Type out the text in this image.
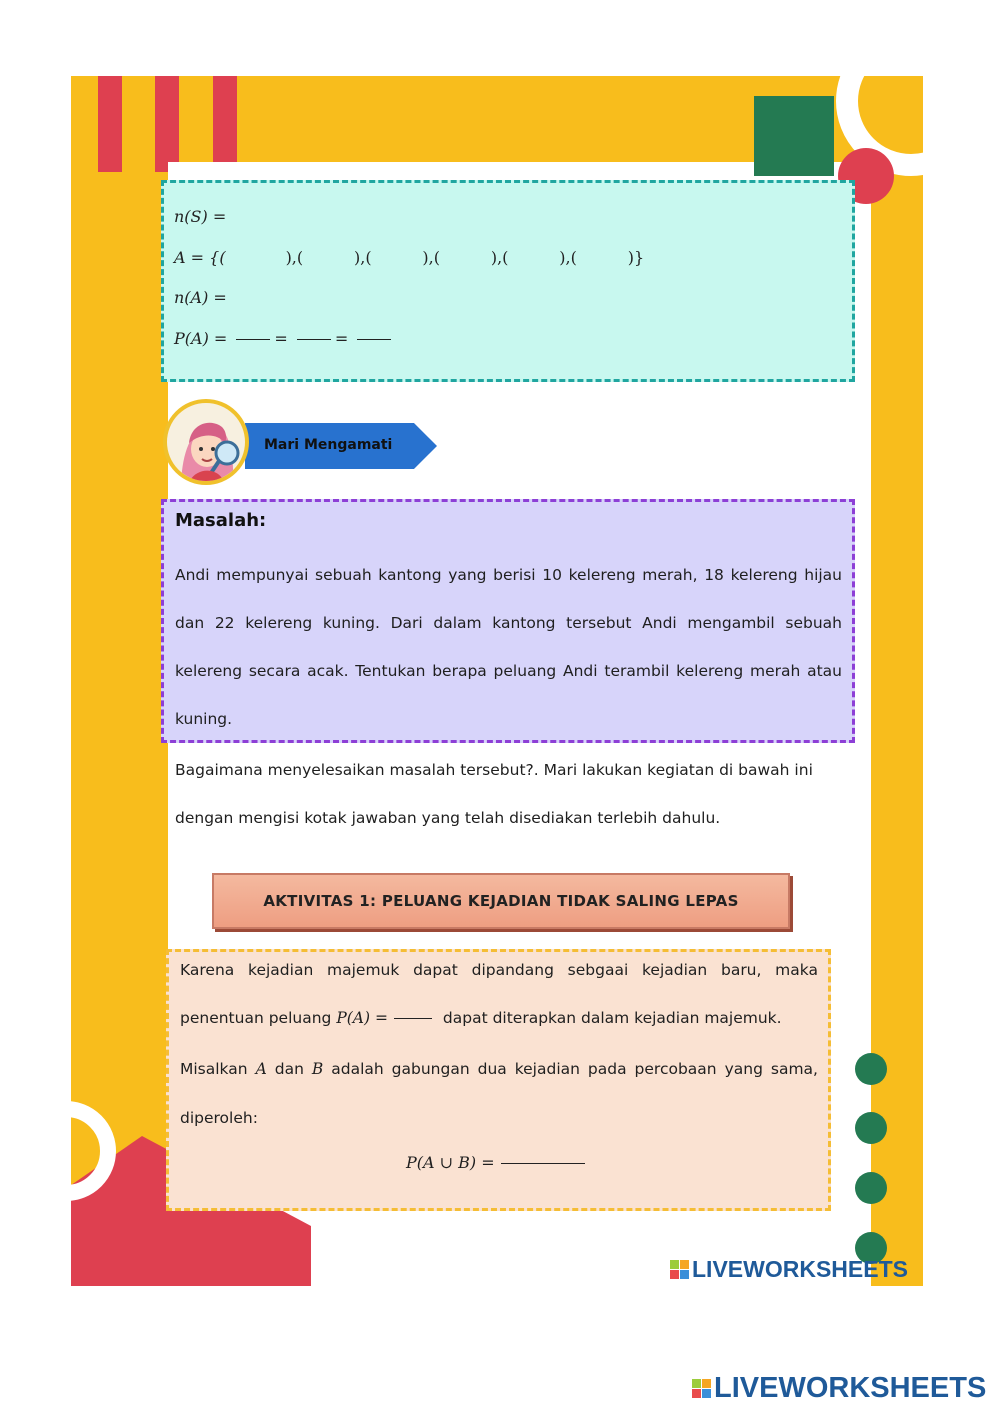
n(S) =
A = {(	),(          ),(          ),(          ),(          ),(          )}
n(A) =
P(A) =	=	=
Mari Mengamati
Masalah:
Andi mempunyai sebuah kantong yang berisi 10 kelereng merah, 18 kelereng hijau dan 22 kelereng kuning. Dari dalam kantong tersebut Andi mengambil sebuah kelereng secara acak. Tentukan berapa peluang Andi terambil kelereng merah atau kuning.
Bagaimana menyelesaikan masalah tersebut?. Mari lakukan kegiatan di bawah ini dengan mengisi kotak jawaban yang telah disediakan terlebih dahulu.
AKTIVITAS 1: PELUANG KEJADIAN TIDAK SALING LEPAS
Karena kejadian majemuk dapat dipandang sebgaai kejadian baru, maka
penentuan peluang P(A) =	dapat diterapkan dalam kejadian majemuk.
Misalkan A dan B adalah gabungan dua kejadian pada percobaan yang sama,
diperoleh:
P(A ∪ B) =
LIVEWORKSHEETS
LIVEWORKSHEETS
